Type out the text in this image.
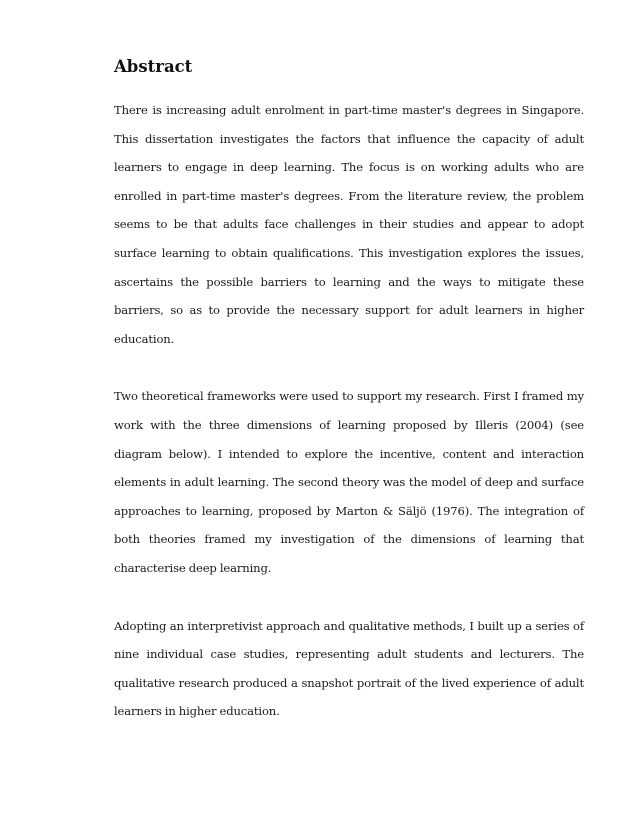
Abstract

There is increasing adult enrolment in part-time master's degrees in Singapore. This dissertation investigates the factors that influence the capacity of adult learners to engage in deep learning. The focus is on working adults who are enrolled in part-time master's degrees. From the literature review, the problem seems to be that adults face challenges in their studies and appear to adopt surface learning to obtain qualifications. This investigation explores the issues, ascertains the possible barriers to learning and the ways to mitigate these barriers, so as to provide the necessary support for adult learners in higher education.

Two theoretical frameworks were used to support my research. First I framed my work with the three dimensions of learning proposed by Illeris (2004) (see diagram below). I intended to explore the incentive, content and interaction elements in adult learning. The second theory was the model of deep and surface approaches to learning, proposed by Marton & Säljö (1976). The integration of both theories framed my investigation of the dimensions of learning that characterise deep learning.

Adopting an interpretivist approach and qualitative methods, I built up a series of nine individual case studies, representing adult students and lecturers. The qualitative research produced a snapshot portrait of the lived experience of adult learners in higher education.
